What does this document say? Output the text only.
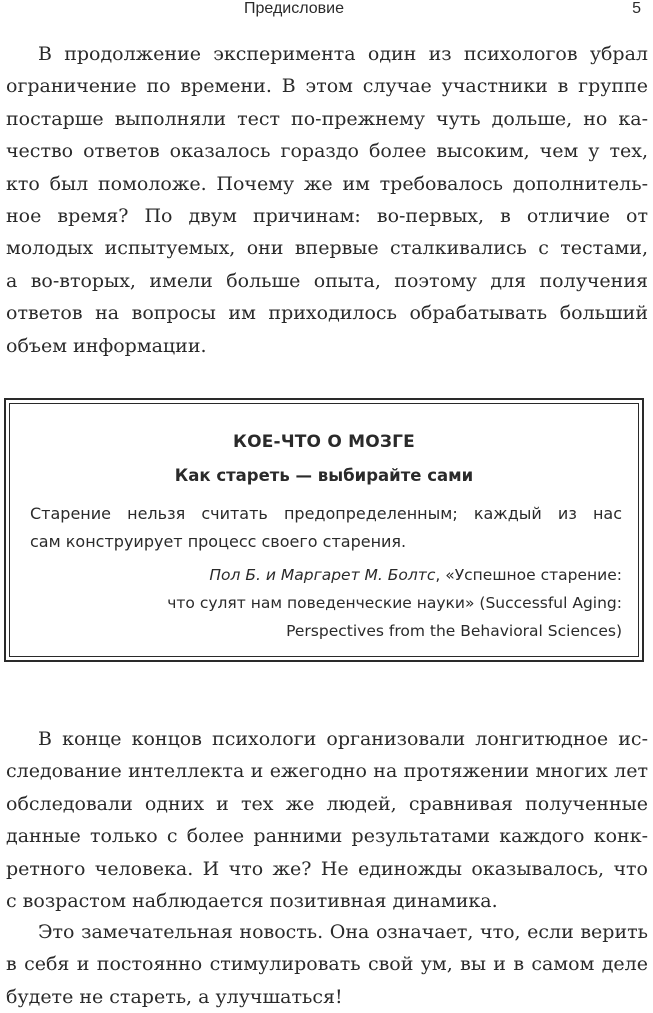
Предисловие	5
В продолжение эксперимента один из психологов убрал
ограничение по времени. В этом случае участники в группе
постарше выполняли тест по-прежнему чуть дольше, но ка-
чество ответов оказалось гораздо более высоким, чем у тех,
кто был помоложе. Почему же им требовалось дополнитель-
ное время? По двум причинам: во-первых, в отличие от
молодых испытуемых, они впервые сталкивались с тестами,
а во-вторых, имели больше опыта, поэтому для получения
ответов на вопросы им приходилось обрабатывать больший
объем информации.
КОЕ-ЧТО О МОЗГЕ
Как стареть — выбирайте сами
Старение нельзя считать предопределенным; каждый из нас
сам конструирует процесс своего старения.
Пол Б. и Маргарет М. Болтс, «Успешное старение:
что сулят нам поведенческие науки» (Successful Aging:
Perspectives from the Behavioral Sciences)
В конце концов психологи организовали лонгитюдное ис-
следование интеллекта и ежегодно на протяжении многих лет
обследовали одних и тех же людей, сравнивая полученные
данные только с более ранними результатами каждого конк-
ретного человека. И что же? Не единожды оказывалось, что
с возрастом наблюдается позитивная динамика.
Это замечательная новость. Она означает, что, если верить
в себя и постоянно стимулировать свой ум, вы и в самом деле
будете не стареть, а улучшаться!
